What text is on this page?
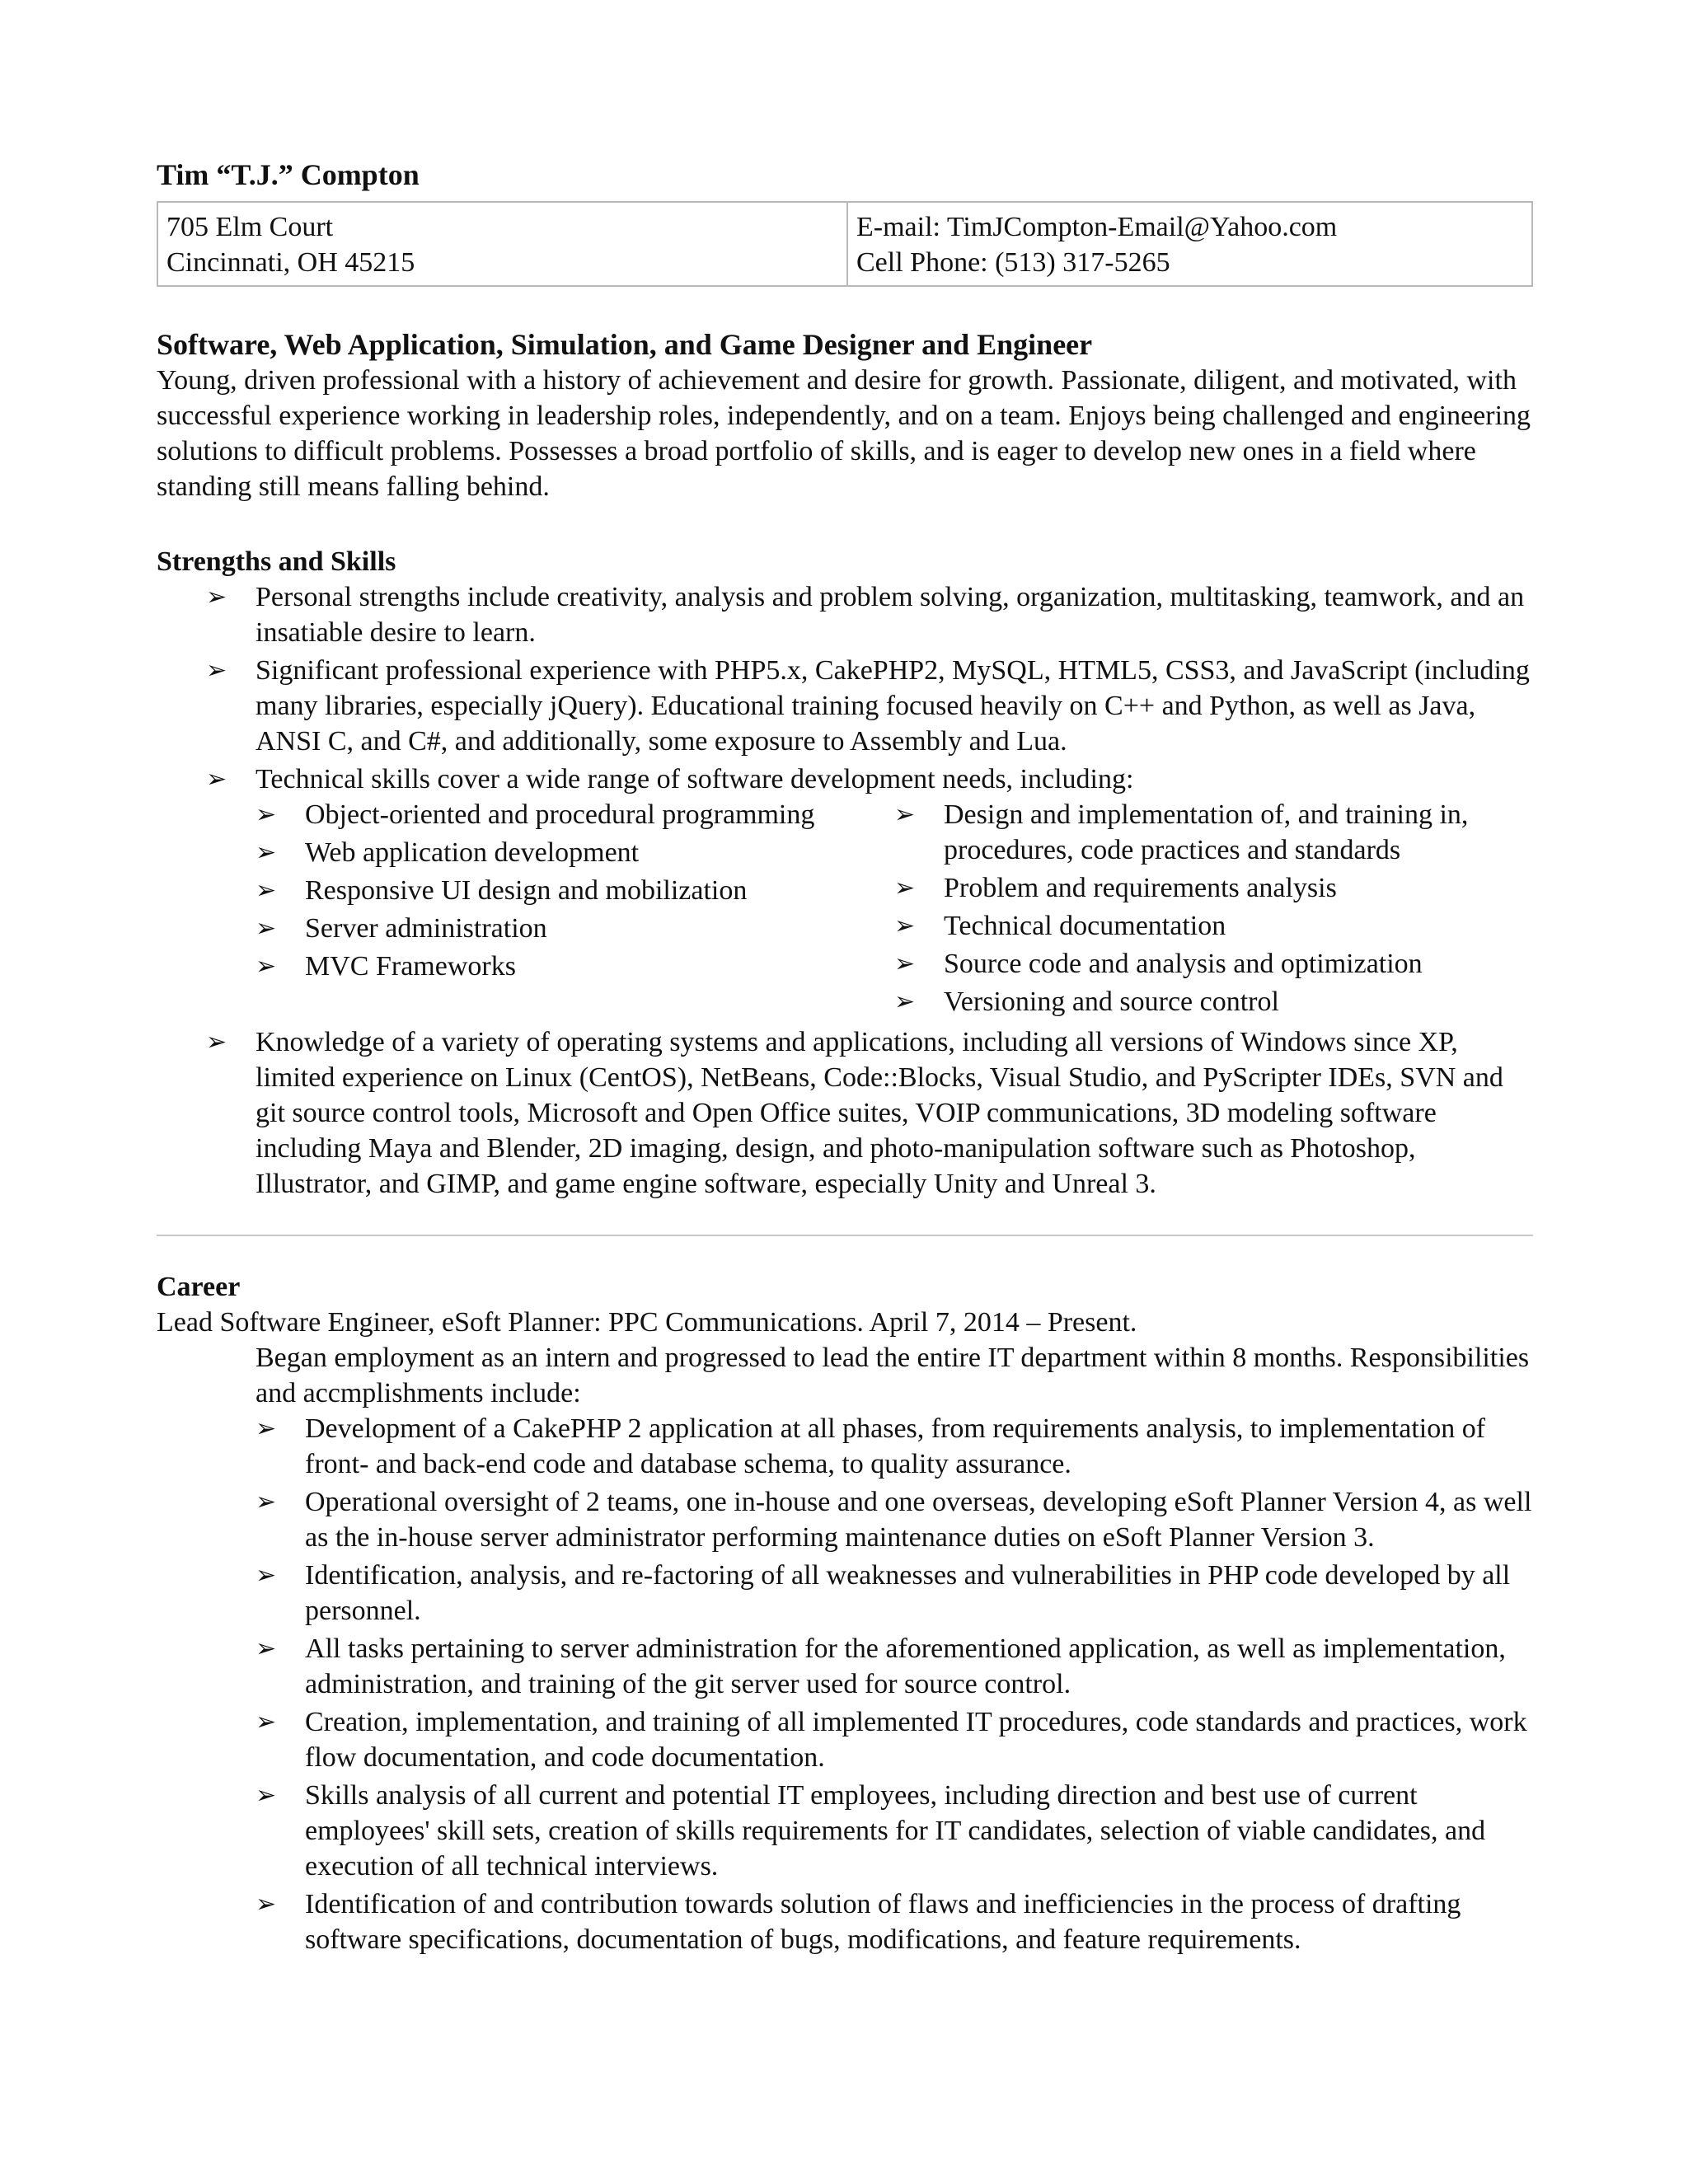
Tim “T.J.” Compton
705 Elm Court
Cincinnati, OH 45215

E-mail: TimJCompton-Email@Yahoo.com
Cell Phone: (513) 317-5265
Software, Web Application, Simulation, and Game Designer and Engineer

Young, driven professional with a history of achievement and desire for growth. Passionate, diligent, and motivated, with successful experience working in leadership roles, independently, and on a team. Enjoys being challenged and engineering solutions to difficult problems. Possesses a broad portfolio of skills, and is eager to develop new ones in a field where standing still means falling behind.

Strengths and Skills
➢ Personal strengths include creativity, analysis and problem solving, organization, multitasking, teamwork, and an insatiable desire to learn.
➢ Significant professional experience with PHP5.x, CakePHP2, MySQL, HTML5, CSS3, and JavaScript (including many libraries, especially jQuery). Educational training focused heavily on C++ and Python, as well as Java, ANSI C, and C#, and additionally, some exposure to Assembly and Lua.
➢ Technical skills cover a wide range of software development needs, including:
➢ Object-oriented and procedural programming
➢ Web application development
➢ Responsive UI design and mobilization
➢ Server administration
➢ MVC Frameworks
➢ Design and implementation of, and training in, procedures, code practices and standards
➢ Problem and requirements analysis
➢ Technical documentation
➢ Source code and analysis and optimization
➢ Versioning and source control
➢ Knowledge of a variety of operating systems and applications, including all versions of Windows since XP, limited experience on Linux (CentOS), NetBeans, Code::Blocks, Visual Studio, and PyScripter IDEs, SVN and git source control tools, Microsoft and Open Office suites, VOIP communications, 3D modeling software including Maya and Blender, 2D imaging, design, and photo-manipulation software such as Photoshop, Illustrator, and GIMP, and game engine software, especially Unity and Unreal 3.
Career

Lead Software Engineer, eSoft Planner: PPC Communications. April 7, 2014 – Present.

Began employment as an intern and progressed to lead the entire IT department within 8 months. Responsibilities and accmplishments include:

➢ Development of a CakePHP 2 application at all phases, from requirements analysis, to implementation of front- and back-end code and database schema, to quality assurance.
➢ Operational oversight of 2 teams, one in-house and one overseas, developing eSoft Planner Version 4, as well as the in-house server administrator performing maintenance duties on eSoft Planner Version 3.
➢ Identification, analysis, and re-factoring of all weaknesses and vulnerabilities in PHP code developed by all personnel.
➢ All tasks pertaining to server administration for the aforementioned application, as well as implementation, administration, and training of the git server used for source control.
➢ Creation, implementation, and training of all implemented IT procedures, code standards and practices, work flow documentation, and code documentation.
➢ Skills analysis of all current and potential IT employees, including direction and best use of current employees' skill sets, creation of skills requirements for IT candidates, selection of viable candidates, and execution of all technical interviews.
➢ Identification of and contribution towards solution of flaws and inefficiencies in the process of drafting software specifications, documentation of bugs, modifications, and feature requirements.
